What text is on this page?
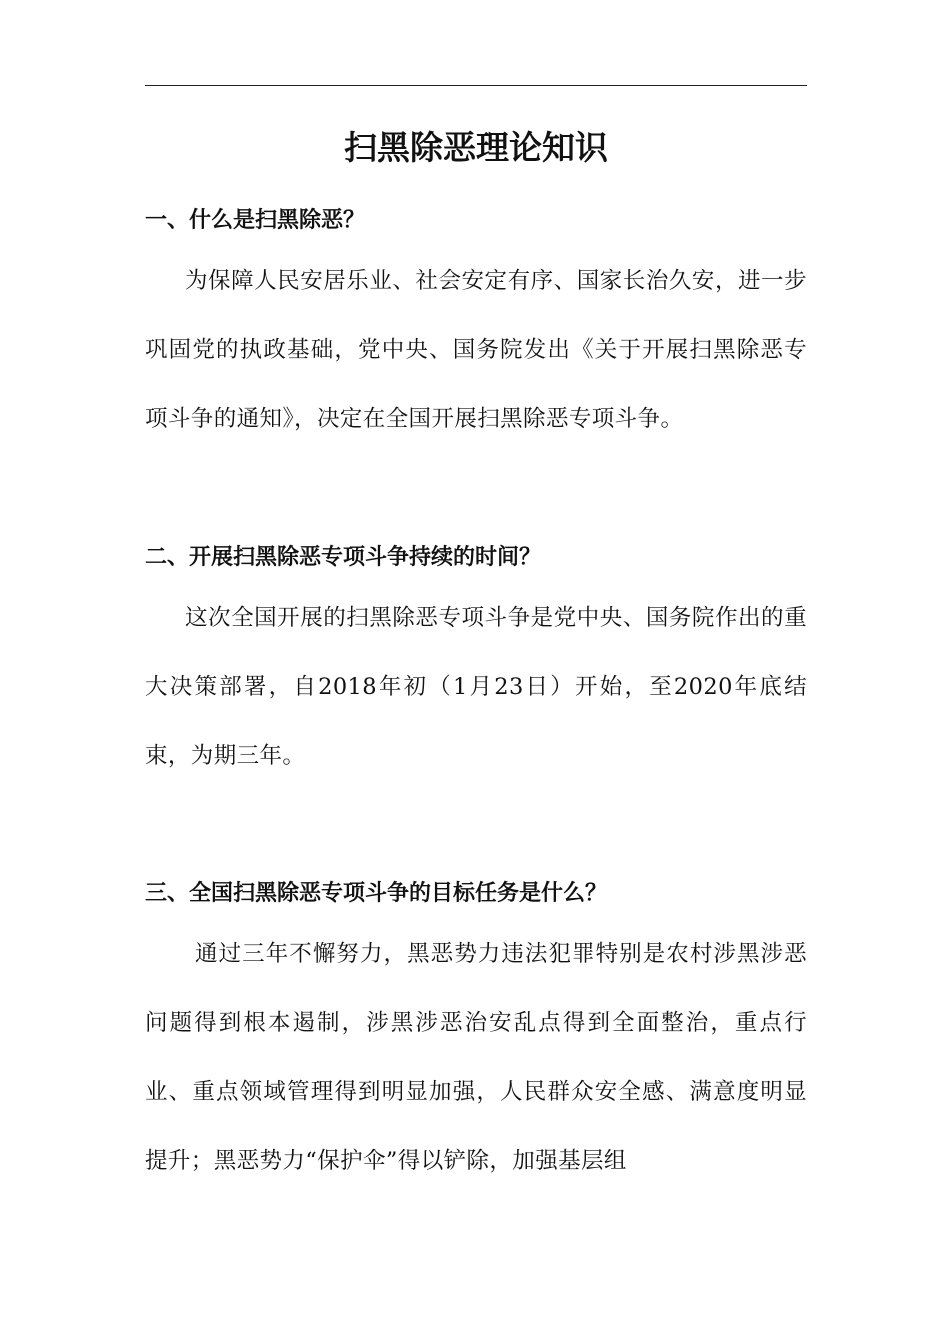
扫黑除恶理论知识
一、什么是扫黑除恶？

为保障人民安居乐业、社会安定有序、国家长治久安，进一步巩固党的执政基础，党中央、国务院发出《关于开展扫黑除恶专项斗争的通知》，决定在全国开展扫黑除恶专项斗争。

二、开展扫黑除恶专项斗争持续的时间？

这次全国开展的扫黑除恶专项斗争是党中央、国务院作出的重大决策部署，自2018年初（1月23日）开始，至2020年底结束，为期三年。

三、全国扫黑除恶专项斗争的目标任务是什么？

通过三年不懈努力，黑恶势力违法犯罪特别是农村涉黑涉恶问题得到根本遏制，涉黑涉恶治安乱点得到全面整治，重点行业、重点领域管理得到明显加强，人民群众安全感、满意度明显提升；黑恶势力“保护伞”得以铲除，加强基层组
